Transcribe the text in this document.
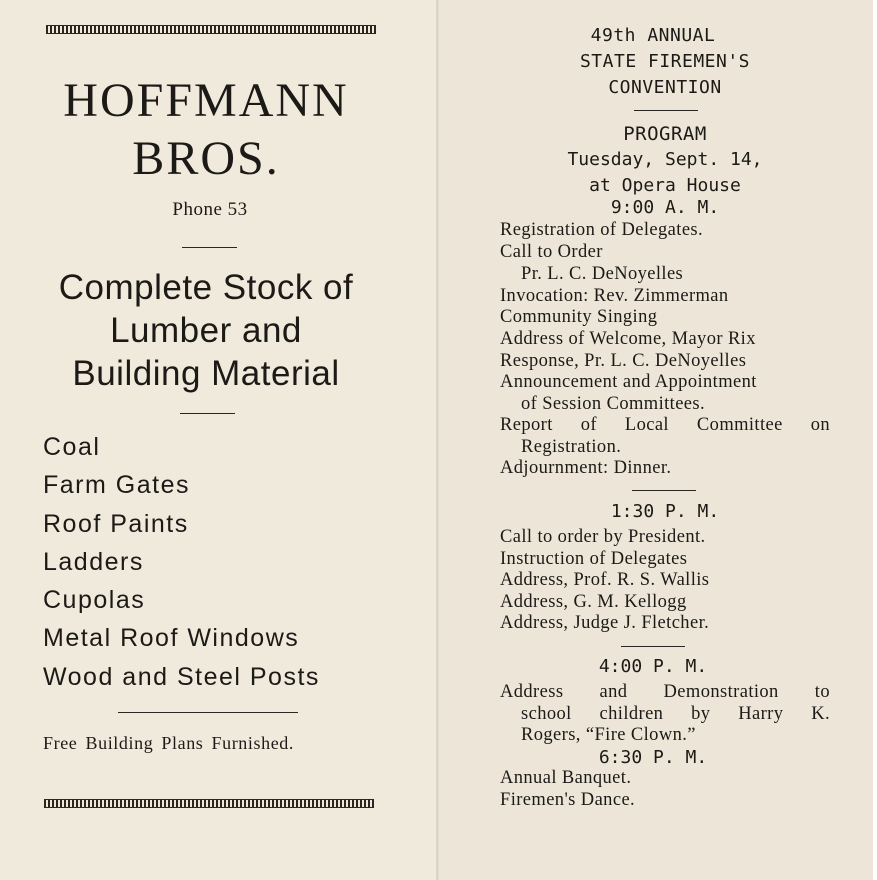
HOFFMANN
BROS.
Phone 53
Complete Stock of
Lumber and
Building Material
Coal
Farm Gates
Roof Paints
Ladders
Cupolas
Metal Roof Windows
Wood and Steel Posts
Free Building Plans Furnished.
49th ANNUAL
STATE FIREMEN'S
CONVENTION
PROGRAM
Tuesday, Sept. 14,
at Opera House
9:00 A. M.
Registration of Delegates.
Call to Order
Pr. L. C. DeNoyelles
Invocation: Rev. Zimmerman
Community Singing
Address of Welcome, Mayor Rix
Response, Pr. L. C. DeNoyelles
Announcement and Appointment
of Session Committees.
Report of Local Committee on
Registration.
Adjournment: Dinner.
1:30 P. M.
Call to order by President.
Instruction of Delegates
Address, Prof. R. S. Wallis
Address, G. M. Kellogg
Address, Judge J. Fletcher.
4:00 P. M.
Address and Demonstration to
school children by Harry K.
Rogers, “Fire Clown.”
6:30 P. M.
Annual Banquet.
Firemen's Dance.
